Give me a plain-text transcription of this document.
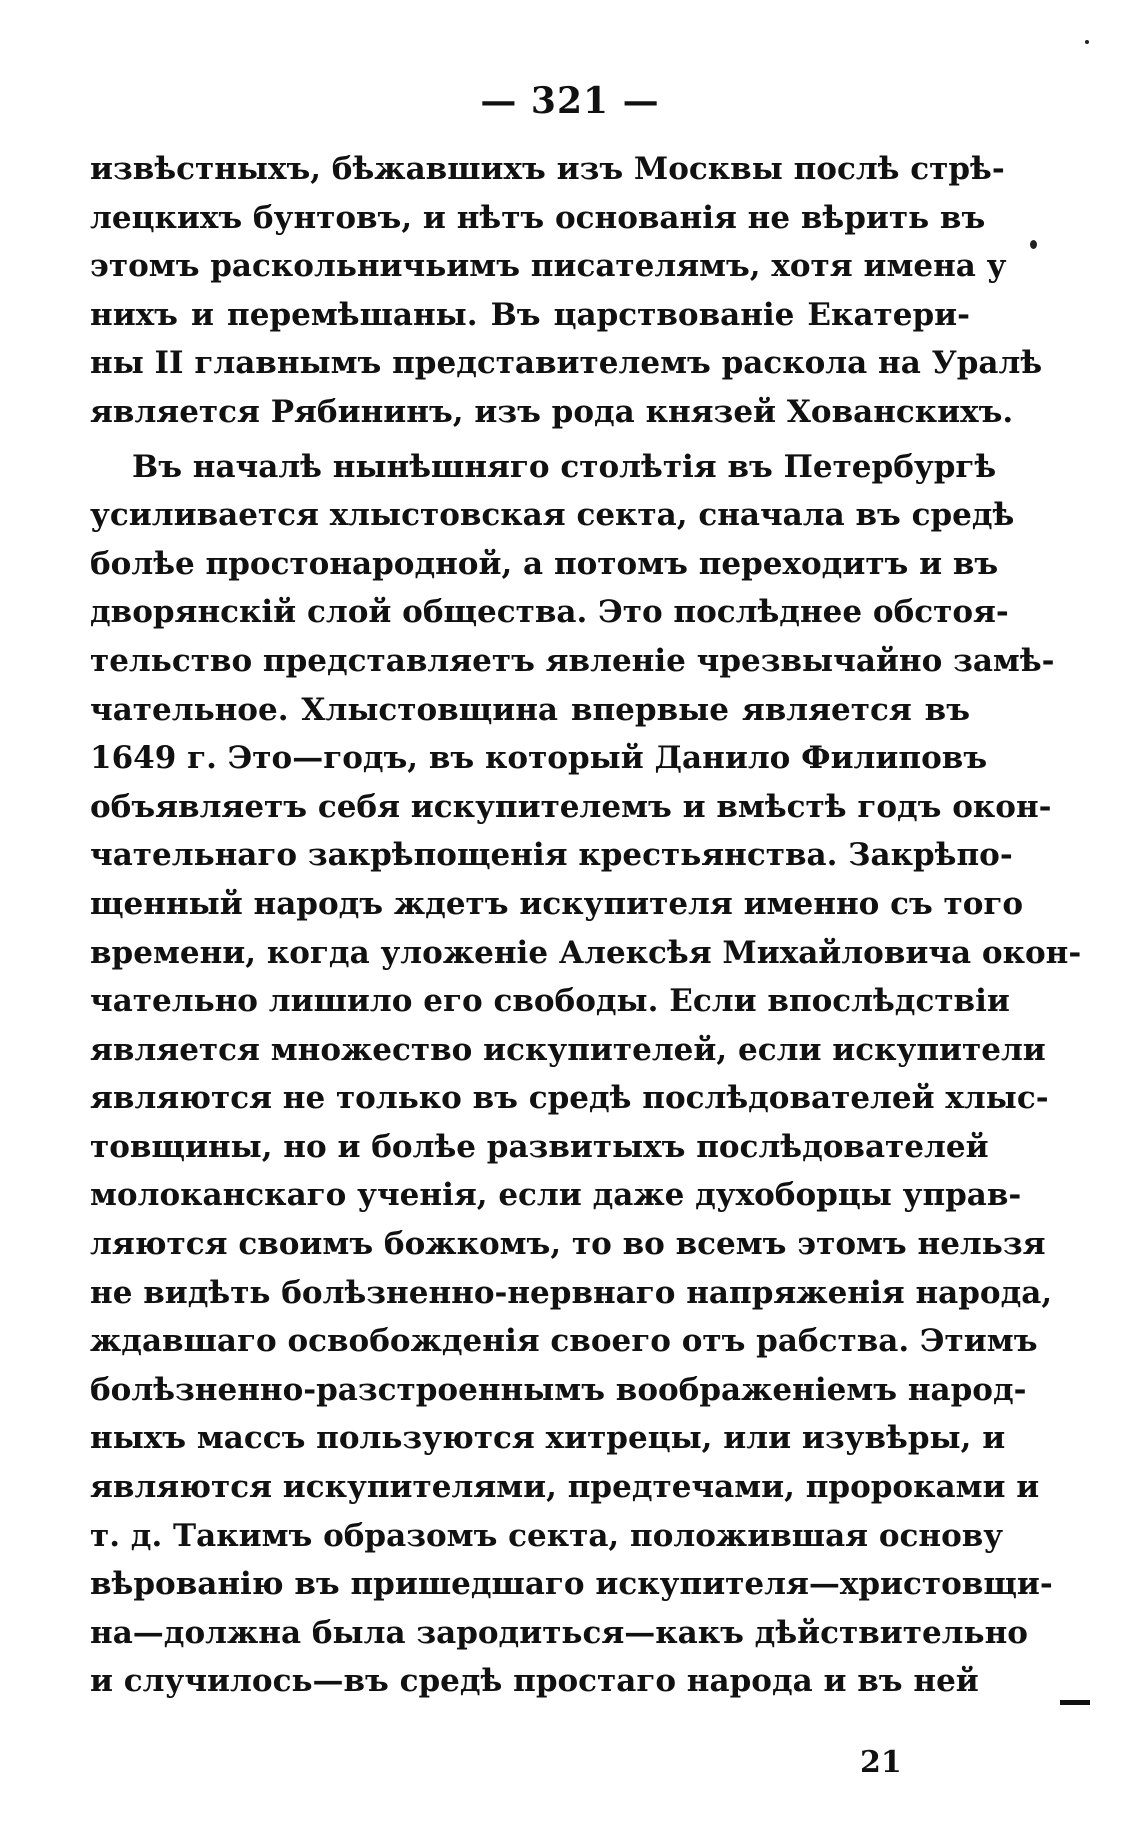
— 321 —
извѣстныхъ, бѣжавшихъ изъ Москвы послѣ стрѣ-
лецкихъ бунтовъ, и нѣтъ основанія не вѣрить въ
этомъ раскольничьимъ писателямъ, хотя имена у
нихъ и перемѣшаны. Въ царствованіе Екатери-
ны II главнымъ представителемъ раскола на Уралѣ
является Рябининъ, изъ рода князей Хованскихъ.
Въ началѣ нынѣшняго столѣтія въ Петербургѣ
усиливается хлыстовская секта, сначала въ средѣ
болѣе простонародной, а потомъ переходитъ и въ
дворянскій слой общества. Это послѣднее обстоя-
тельство представляетъ явленіе чрезвычайно замѣ-
чательное. Хлыстовщина впервые является въ
1649 г. Это—годъ, въ который Данило Филиповъ
объявляетъ себя искупителемъ и вмѣстѣ годъ окон-
чательнаго закрѣпощенія крестьянства. Закрѣпо-
щенный народъ ждетъ искупителя именно съ того
времени, когда уложеніе Алексѣя Михайловича окон-
чательно лишило его свободы. Если впослѣдствіи
является множество искупителей, если искупители
являются не только въ средѣ послѣдователей хлыс-
товщины, но и болѣе развитыхъ послѣдователей
молоканскаго ученія, если даже духоборцы управ-
ляются своимъ божкомъ, то во всемъ этомъ нельзя
не видѣть болѣзненно-нервнаго напряженія народа,
ждавшаго освобожденія своего отъ рабства. Этимъ
болѣзненно-разстроеннымъ воображеніемъ народ-
ныхъ массъ пользуются хитрецы, или изувѣры, и
являются искупителями, предтечами, пророками и
т. д. Такимъ образомъ секта, положившая основу
вѣрованію въ пришедшаго искупителя—христовщи-
на—должна была зародиться—какъ дѣйствительно
и случилось—въ средѣ простаго народа и въ ней
21
